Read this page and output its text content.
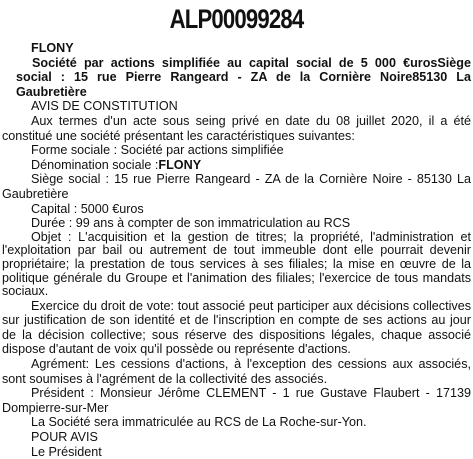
ALP00099284

FLONY

Société par actions simplifiée au capital social de 5 000 €urosSiège social : 15 rue Pierre Rangeard - ZA de la Cornière Noire85130 La Gaubretière

AVIS DE CONSTITUTION

Aux termes d'un acte sous seing privé en date du 08 juillet 2020, il a été constitué une société présentant les caractéristiques suivantes:

Forme sociale : Société par actions simplifiée

Dénomination sociale :FLONY

Siège social : 15 rue Pierre Rangeard - ZA de la Cornière Noire - 85130 La Gaubretière

Capital : 5000 €uros

Durée : 99 ans à compter de son immatriculation au RCS

Objet : L'acquisition et la gestion de titres; la propriété, l'administration et l'exploitation par bail ou autrement de tout immeuble dont elle pourrait devenir propriétaire; la prestation de tous services à ses filiales; la mise en œuvre de la politique générale du Groupe et l'animation des filiales; l'exercice de tous mandats sociaux.

Exercice du droit de vote: tout associé peut participer aux décisions collectives sur justification de son identité et de l'inscription en compte de ses actions au jour de la décision collective; sous réserve des dispositions légales, chaque associé dispose d'autant de voix qu'il possède ou représente d'actions.

Agrément: Les cessions d'actions, à l'exception des cessions aux associés, sont soumises à l'agrément de la collectivité des associés.

Président : Monsieur Jérôme CLEMENT - 1 rue Gustave Flaubert - 17139 Dompierre-sur-Mer

La Société sera immatriculée au RCS de La Roche-sur-Yon.

POUR AVIS

Le Président
